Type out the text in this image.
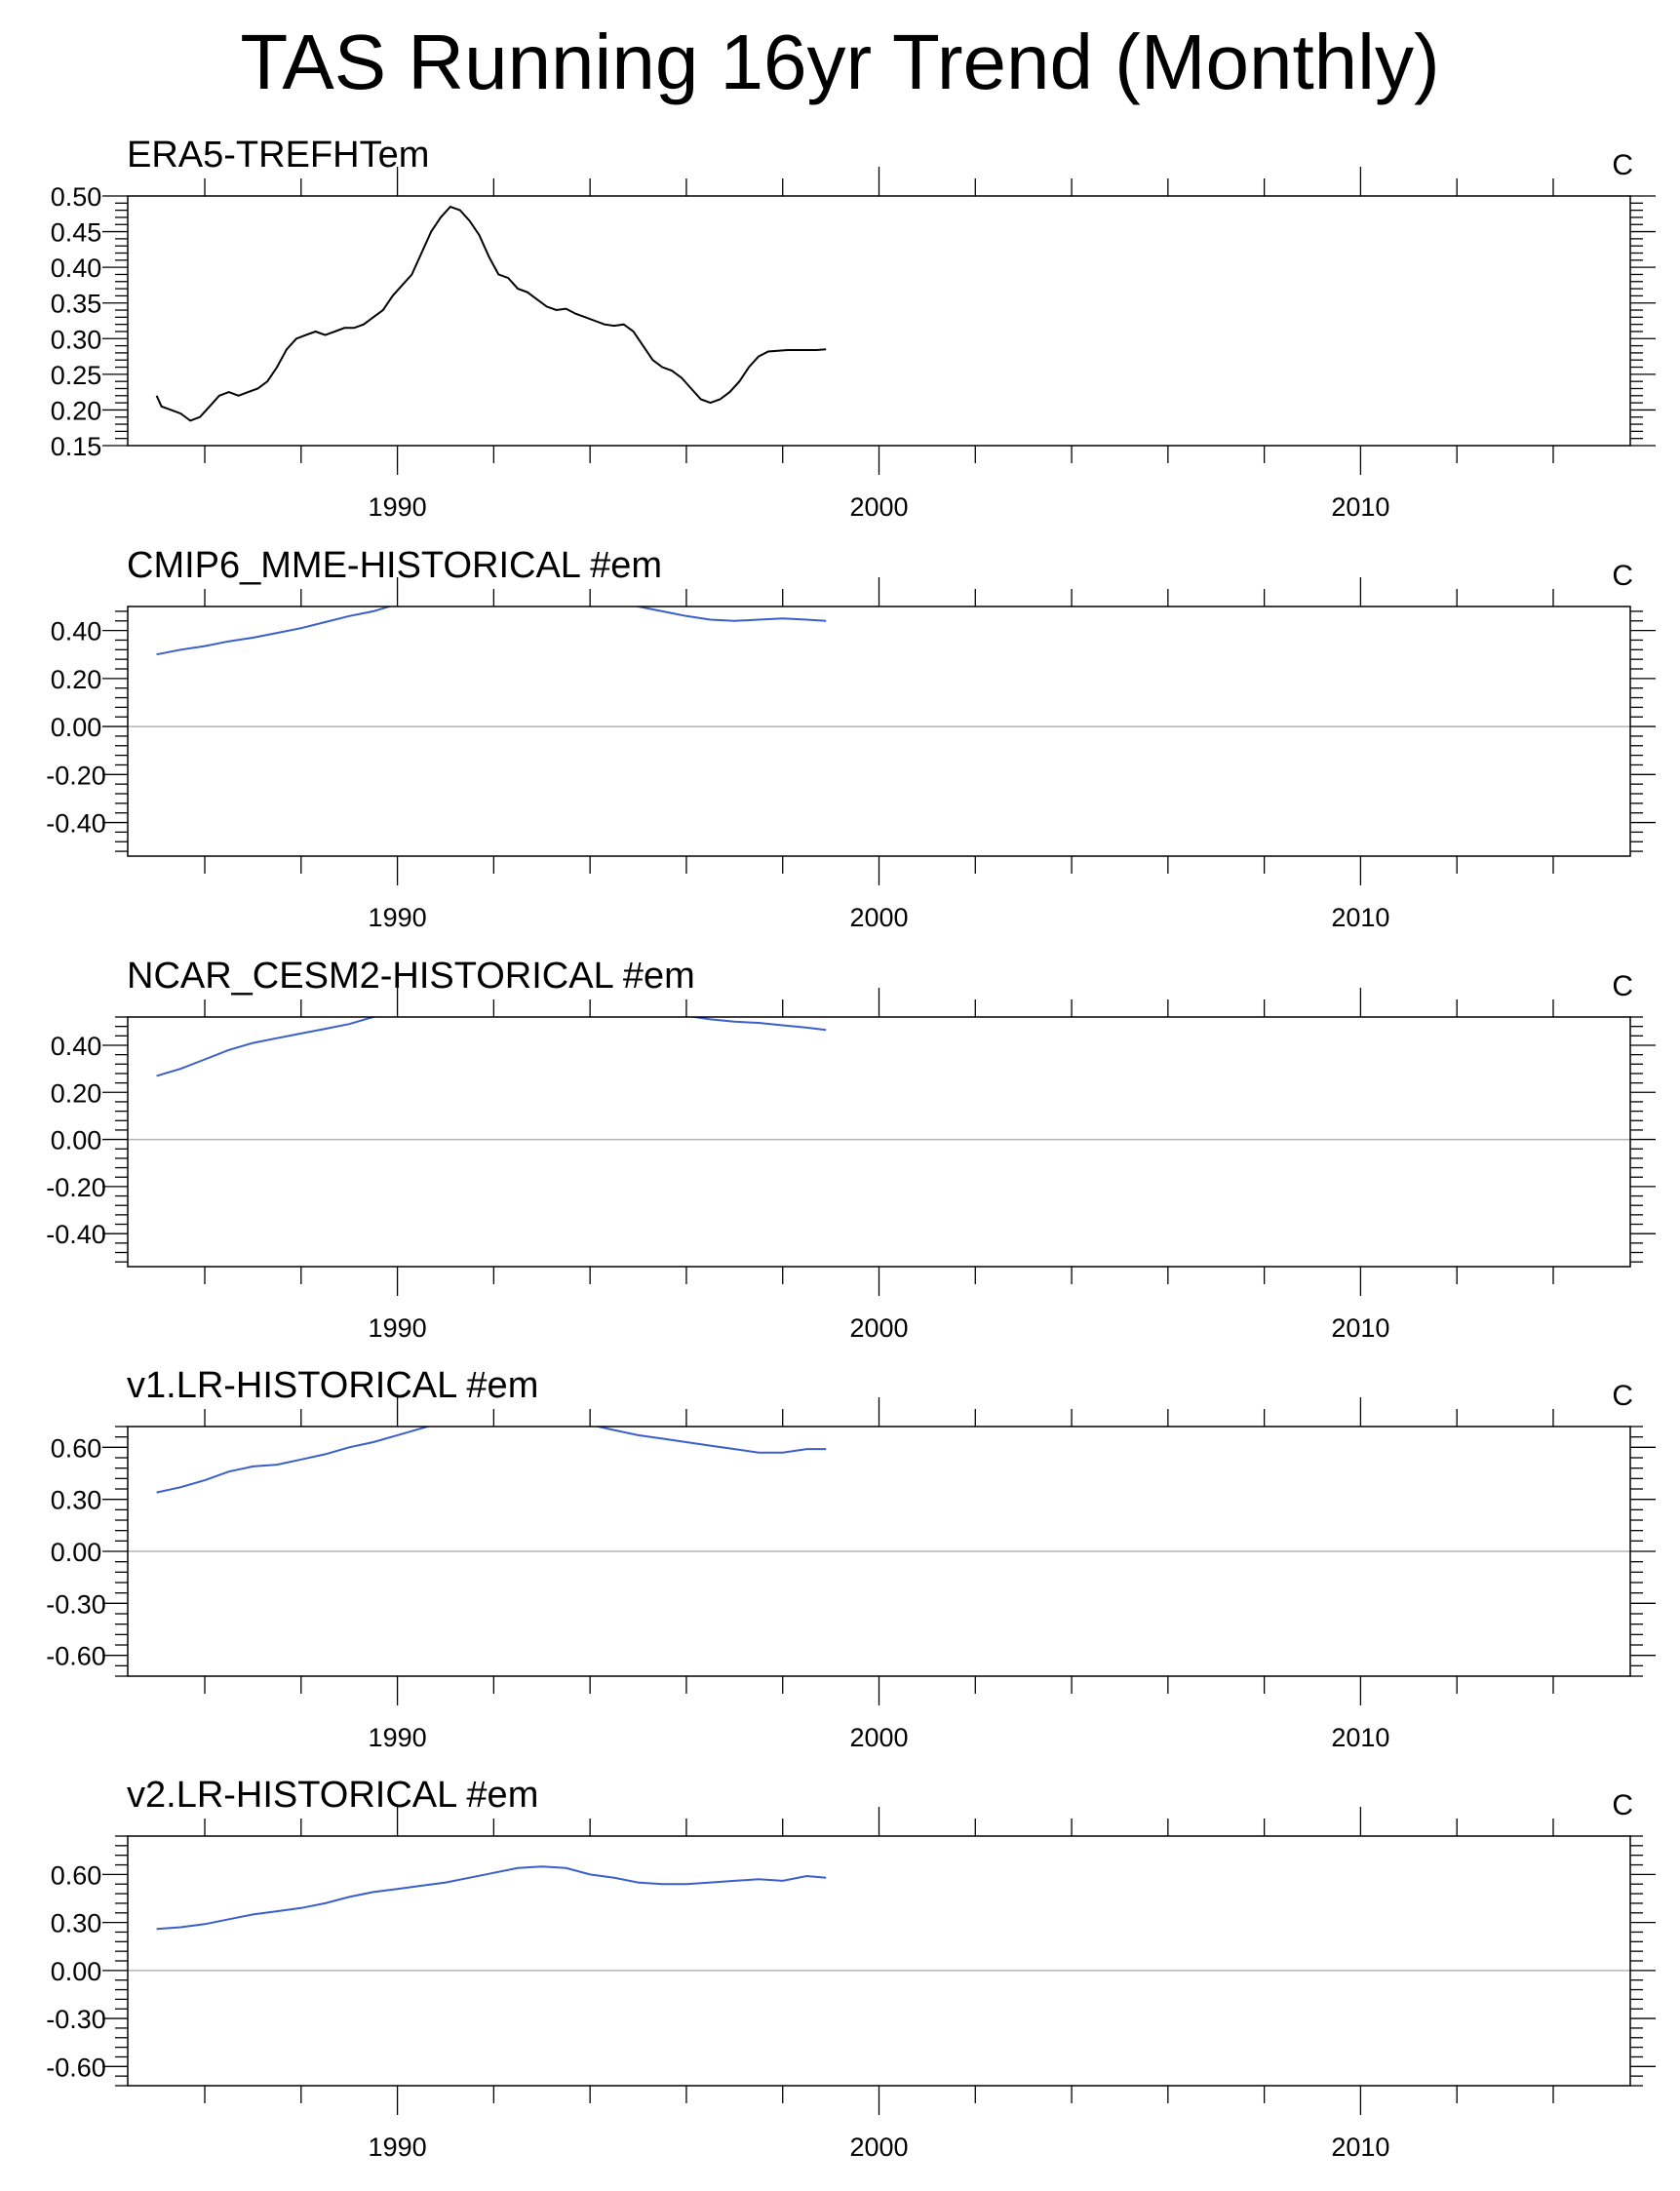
TAS Running 16yr Trend (Monthly)
ERA5-TREFHTem	C
0.15
0.20
0.25
0.30
0.35
0.40
0.45
0.50
1990	2000	2010
CMIP6_MME-HISTORICAL #em	C
-0.40
-0.20
0.00
0.20
0.40
1990	2000	2010
NCAR_CESM2-HISTORICAL #em	C
-0.40
-0.20
0.00
0.20
0.40
1990	2000	2010
v1.LR-HISTORICAL #em	C
-0.60
-0.30
0.00
0.30
0.60
1990	2000	2010
v2.LR-HISTORICAL #em	C
-0.60
-0.30
0.00
0.30
0.60
1990	2000	2010
